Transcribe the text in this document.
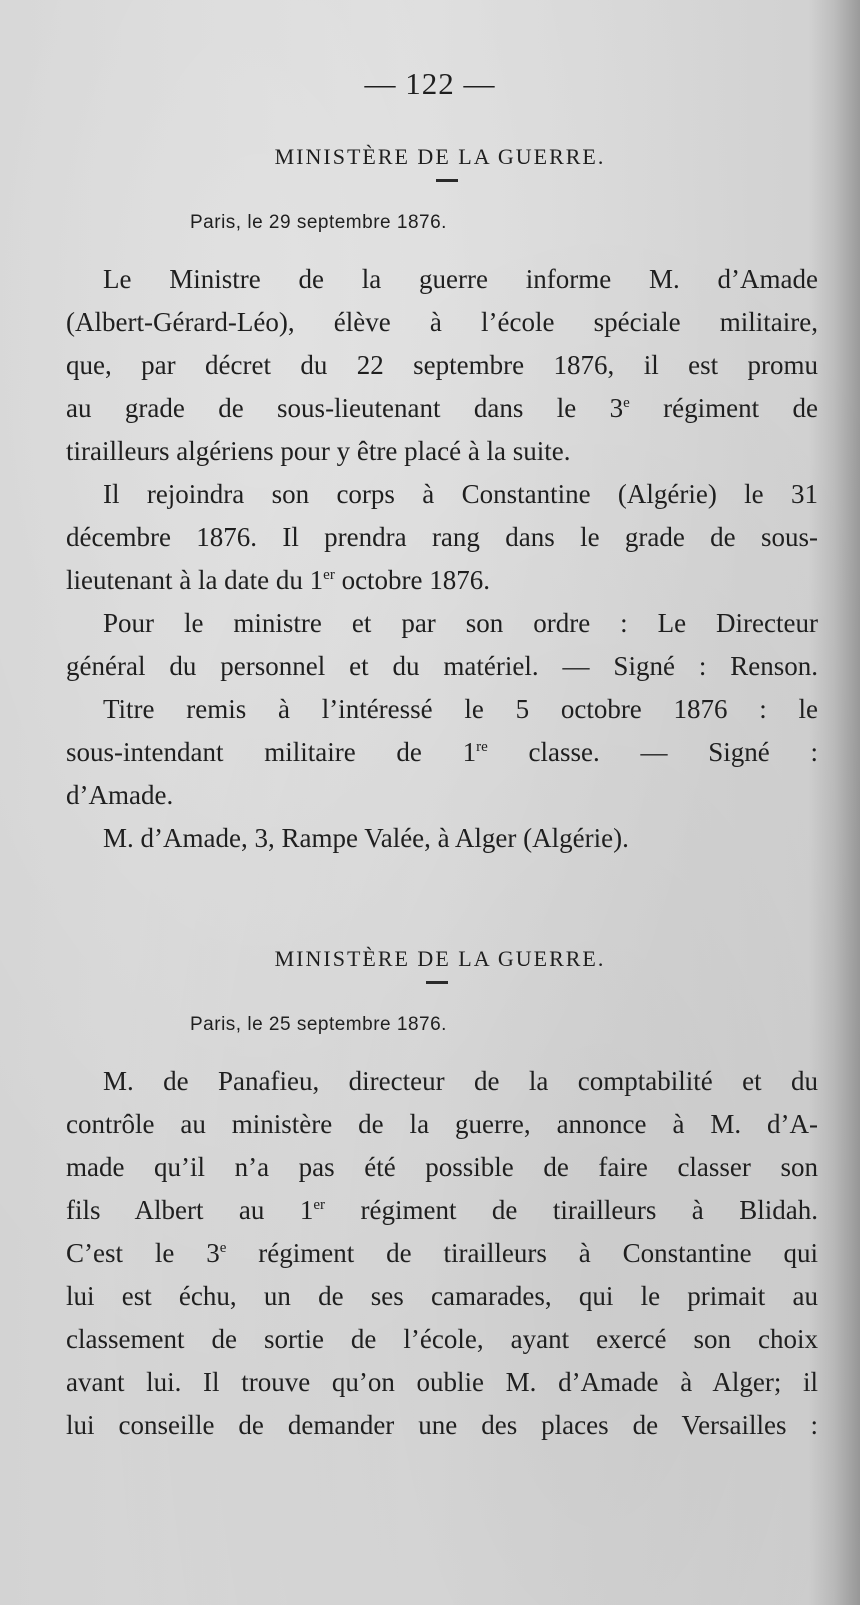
— 122 —
MINISTÈRE DE LA GUERRE.
Paris, le 29 septembre 1876.
Le Ministre de la guerre informe M. d’Amade
(Albert-Gérard-Léo), élève à l’école spéciale militaire,
que, par décret du 22 septembre 1876, il est promu
au grade de sous-lieutenant dans le 3e régiment de
tirailleurs algériens pour y être placé à la suite.
Il rejoindra son corps à Constantine (Algérie) le 31
décembre 1876. Il prendra rang dans le grade de sous-
lieutenant à la date du 1er octobre 1876.
Pour le ministre et par son ordre : Le Directeur
général du personnel et du matériel. — Signé : Renson.
Titre remis à l’intéressé le 5 octobre 1876 : le
sous-intendant militaire de 1re classe. — Signé :
d’Amade.
M. d’Amade, 3, Rampe Valée, à Alger (Algérie).
MINISTÈRE DE LA GUERRE.
Paris, le 25 septembre 1876.
M. de Panafieu, directeur de la comptabilité et du
contrôle au ministère de la guerre, annonce à M. d’A-
made qu’il n’a pas été possible de faire classer son
fils Albert au 1er régiment de tirailleurs à Blidah.
C’est le 3e régiment de tirailleurs à Constantine qui
lui est échu, un de ses camarades, qui le primait au
classement de sortie de l’école, ayant exercé son choix
avant lui. Il trouve qu’on oublie M. d’Amade à Alger; il
lui conseille de demander une des places de Versailles :
